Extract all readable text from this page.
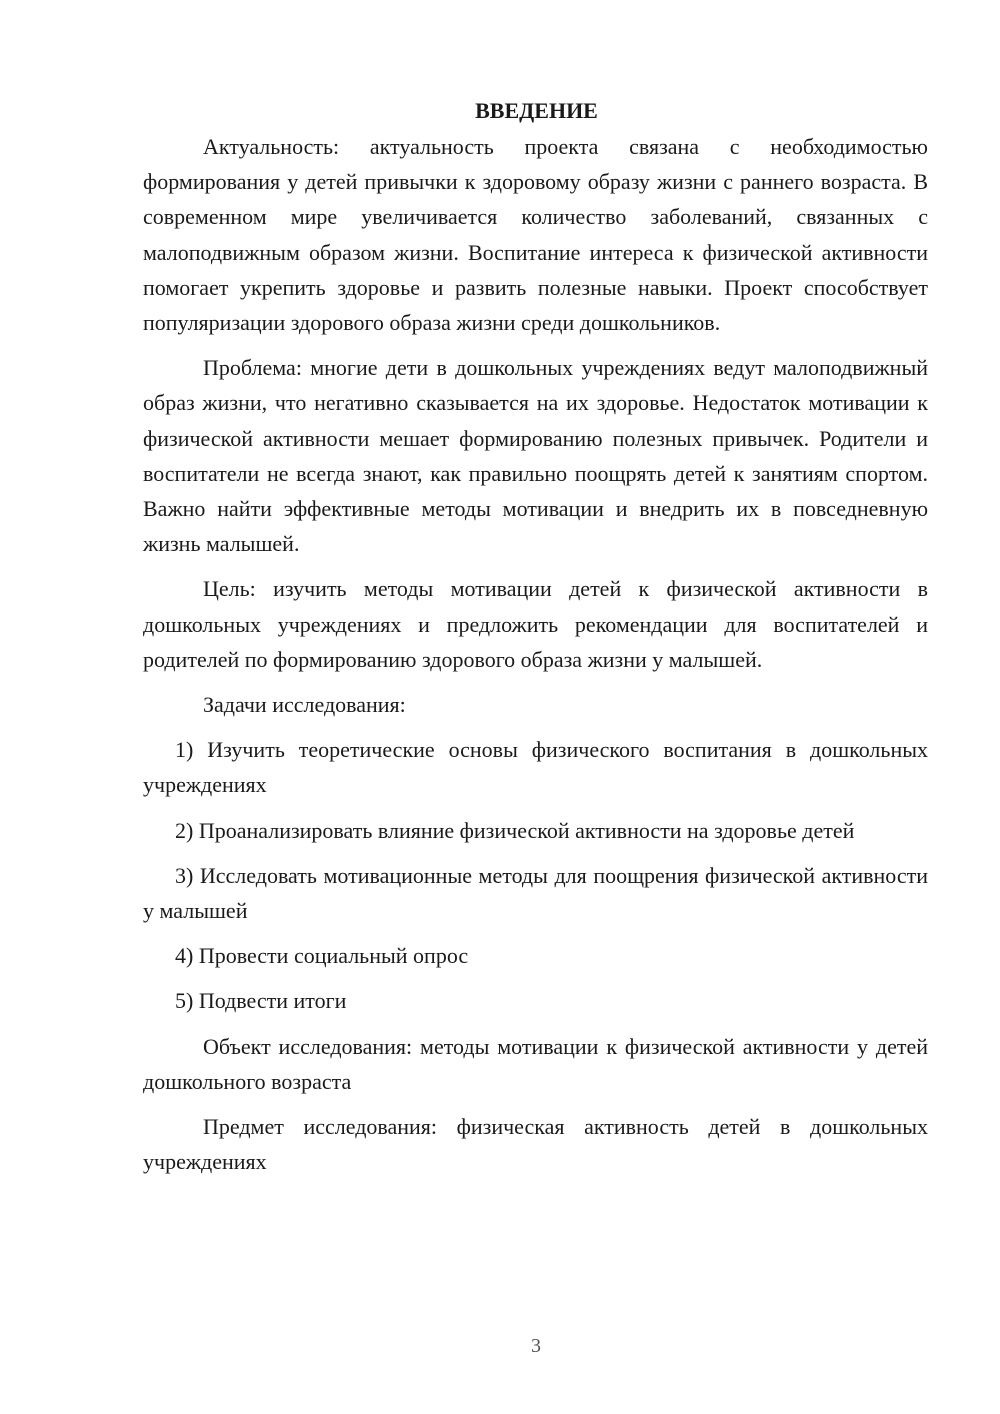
ВВЕДЕНИЕ

Актуальность: актуальность проекта связана с необходимостью формирования у детей привычки к здоровому образу жизни с раннего возраста. В современном мире увеличивается количество заболеваний, связанных с малоподвижным образом жизни. Воспитание интереса к физической активности помогает укрепить здоровье и развить полезные навыки. Проект способствует популяризации здорового образа жизни среди дошкольников.

Проблема: многие дети в дошкольных учреждениях ведут малоподвижный образ жизни, что негативно сказывается на их здоровье. Недостаток мотивации к физической активности мешает формированию полезных привычек. Родители и воспитатели не всегда знают, как правильно поощрять детей к занятиям спортом. Важно найти эффективные методы мотивации и внедрить их в повседневную жизнь малышей.

Цель: изучить методы мотивации детей к физической активности в дошкольных учреждениях и предложить рекомендации для воспитателей и родителей по формированию здорового образа жизни у малышей.

Задачи исследования:

1) Изучить теоретические основы физического воспитания в дошкольных учреждениях

2) Проанализировать влияние физической активности на здоровье детей

3) Исследовать мотивационные методы для поощрения физической активности у малышей

4) Провести социальный опрос

5) Подвести итоги

Объект исследования: методы мотивации к физической активности у детей дошкольного возраста

Предмет исследования: физическая активность детей в дошкольных учреждениях

3
